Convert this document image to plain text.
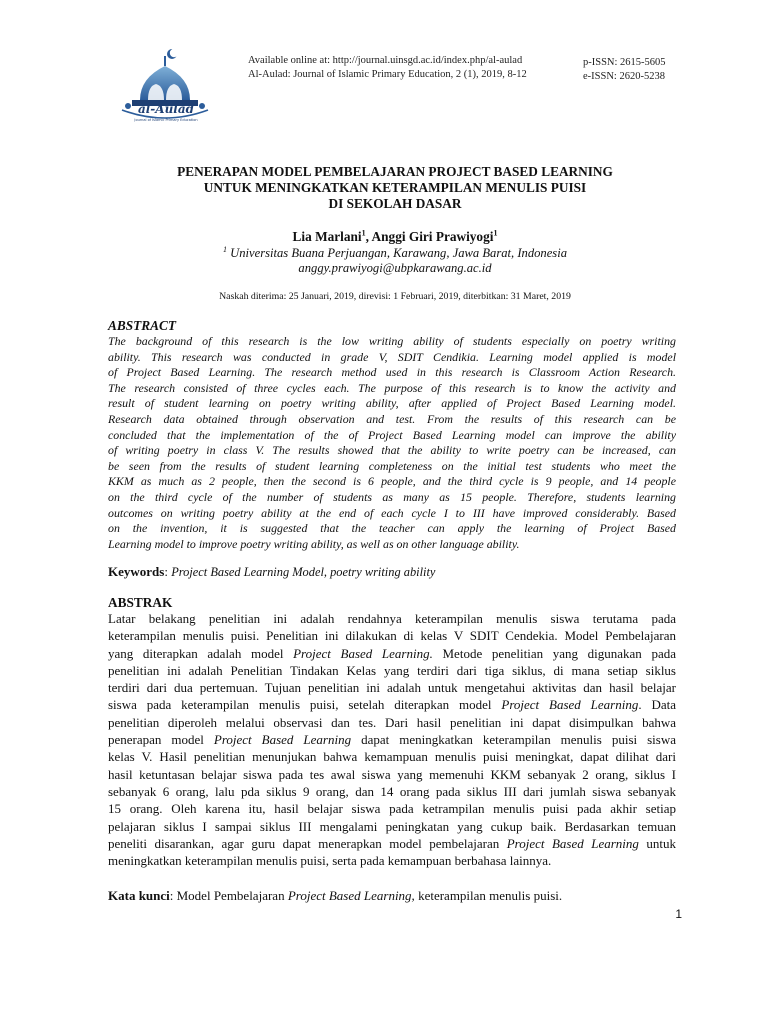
al-Aulad
Journal of Islamic Primary Education
Available online at: http://journal.uinsgd.ac.id/index.php/al-aulad
Al-Aulad: Journal of Islamic Primary Education, 2 (1), 2019, 8-12
p-ISSN: 2615-5605
e-ISSN: 2620-5238
PENERAPAN MODEL PEMBELAJARAN PROJECT BASED LEARNING
UNTUK MENINGKATKAN KETERAMPILAN MENULIS PUISI
DI SEKOLAH DASAR
Lia Marlani$^1$, Anggi Giri Prawiyogi$^1$
$^1$ Universitas Buana Perjuangan, Karawang, Jawa Barat, Indonesia
anggy.prawiyogi@ubpkarawang.ac.id
Naskah diterima: 25 Januari, 2019, direvisi: 1 Februari, 2019, diterbitkan: 31 Maret, 2019
ABSTRACT
The background of this research is the low writing ability of students especially on poetry writing
ability. This research was conducted in grade V, SDIT Cendikia. Learning model applied is model
of Project Based Learning. The research method used in this research is Classroom Action Research.
The research consisted of three cycles each. The purpose of this research is to know the activity and
result of student learning on poetry writing ability, after applied of Project Based Learning model.
Research data obtained through observation and test. From the results of this research can be
concluded that the implementation of the of Project Based Learning model can improve the ability
of writing poetry in class V. The results showed that the ability to write poetry can be increased, can
be seen from the results of student learning completeness on the initial test students who meet the
KKM as much as 2 people, then the second is 6 people, and the third cycle is 9 people, and 14 people
on the third cycle of the number of students as many as 15 people. Therefore, students learning
outcomes on writing poetry ability at the end of each cycle I to III have improved considerably. Based
on the invention, it is suggested that the teacher can apply the learning of Project Based
Learning model to improve poetry writing ability, as well as on other language ability.
Keywords: Project Based Learning Model, poetry writing ability
ABSTRAK
Latar belakang penelitian ini adalah rendahnya keterampilan menulis siswa terutama pada
keterampilan menulis puisi. Penelitian ini dilakukan di kelas V SDIT Cendekia. Model Pembelajaran
yang diterapkan adalah model Project Based Learning. Metode penelitian yang digunakan pada
penelitian ini adalah Penelitian Tindakan Kelas yang terdiri dari tiga siklus, di mana setiap siklus
terdiri dari dua pertemuan. Tujuan penelitian ini adalah untuk mengetahui aktivitas dan hasil belajar
siswa pada keterampilan menulis puisi, setelah diterapkan model Project Based Learning. Data
penelitian diperoleh melalui observasi dan tes. Dari hasil penelitian ini dapat disimpulkan bahwa
penerapan model Project Based Learning dapat meningkatkan keterampilan menulis puisi siswa
kelas V. Hasil penelitian menunjukan bahwa kemampuan menulis puisi meningkat, dapat dilihat dari
hasil ketuntasan belajar siswa pada tes awal siswa yang memenuhi KKM sebanyak 2 orang, siklus I
sebanyak 6 orang, lalu pda siklus 9 orang, dan 14 orang pada siklus III dari jumlah siswa sebanyak
15 orang. Oleh karena itu, hasil belajar siswa pada ketrampilan menulis puisi pada akhir setiap
pelajaran siklus I sampai siklus III mengalami peningkatan yang cukup baik. Berdasarkan temuan
peneliti disarankan, agar guru dapat menerapkan model pembelajaran Project Based Learning untuk
meningkatkan keterampilan menulis puisi, serta pada kemampuan berbahasa lainnya.
Kata kunci: Model Pembelajaran Project Based Learning, keterampilan menulis puisi.
1
